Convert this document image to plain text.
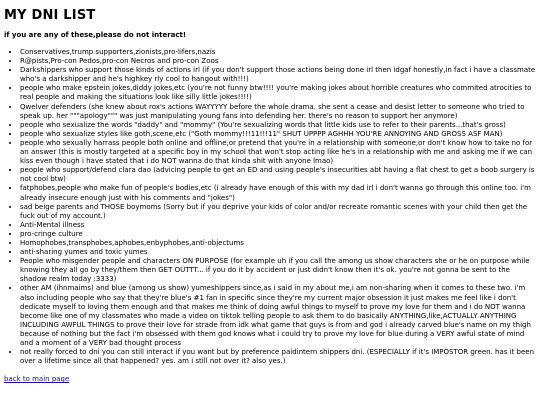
MY DNI LIST

if you are any of these,please do not interact!

• Conservatives,trump supporters,zionists,pro-lifers,nazis
• R@pists,Pro-con Pedos,pro-con Necros and pro-con Zoos
• Darkshippers who support those kinds of actions irl (if you don't support those actions being done irl then idgaf honestly,in fact i have a classmate who's a darkshipper and he's highkey rly cool to hangout with!!!)
• people who make epstein jokes,diddy jokes,etc (you're not funny btw!!!! you're making jokes about horrible creatures who commited atrocities to real people and making the situations look like silly little jokes!!!!)
• Qwelver defenders (she knew about rox's actions WAYYYYY before the whole drama. she sent a cease and desist letter to someone who tried to speak up. her """apology""" was just manipulating young fans into defending her. there's no reason to support her anymore)
• people who sexualize the words "daddy" and "mommy" (You're sexualizing words that little kids use to refer to their parents...that's gross)
• people who sexualize styles like goth,scene,etc ("Goth mommy!!!11!!!11" SHUT UPPPP AGHHH YOU'RE ANNOYING AND GROSS ASF MAN)
• people who sexually harrass people both online and offline,or pretend that you're in a relationship with someone,or don't know how to take no for an answer (this is mostly targeted at a specific boy in my school that won't stop acting like he's in a relationship with me and asking me if we can kiss even though i have stated that i do NOT wanna do that kinda shit with anyone lmao)
• people who support/defend clara dao (advicing people to get an ED and using people's insecurities abt having a flat chest to get a boob surgery is not cool btw)
• fatphobes,people who make fun of people's bodies,etc (i already have enough of this with my dad irl i don't wanna go through this online too. i'm already insecure enough just with his comments and "jokes")
• sad beige parents and THOSE boymoms (Sorry but if you deprive your kids of color and/or recreate romantic scenes with your child then get the fuck out of my account.)
• Anti-Mental illness
• pro-cringe culture
• Homophobes,transphobes,aphobes,enbyphobes,anti-objectums
• anti-sharing yumes and toxic yumes
• People who misgender people and characters ON PURPOSE (for example uh if you call the among us show characters she or he on purpose while knowing they all go by they/them then GET OUTTT... if you do it by accident or just didn't know then it's ok. you're not gonna be sent to the shadow realm today :3333)
• other AM (ihnmaims) and blue (among us show) yumeshippers since,as i said in my about me,i am non-sharing when it comes to these two. i'm also including people who say that they're blue's #1 fan in specific since they're my current major obsession it just makes me feel like i don't dedicate myself to loving them enough and that makes me think of doing awful things to myself to prove my love for them and i do NOT wanna become like one of my classmates who made a video on tiktok telling people to ask them to do basically ANYTHING,like,ACTUALLY ANYTHING INCLUDING AWFUL THINGS to prove their love for strade from idk what game that guys is from and god i already carved blue's name on my thigh because of nothing but the fact i'm obsessed with them god knows what i could try to prove my love for blue during a VERY awful state of mind and a moment of a VERY bad thought process
• not really forced to dni you can still interact if you want but by preference paidintern shippers dni. (ESPECIALLY if it's IMPOSTOR green. has it been over a lifetime since all that happened? yes. am i still not over it? also yes.)
back to main page
